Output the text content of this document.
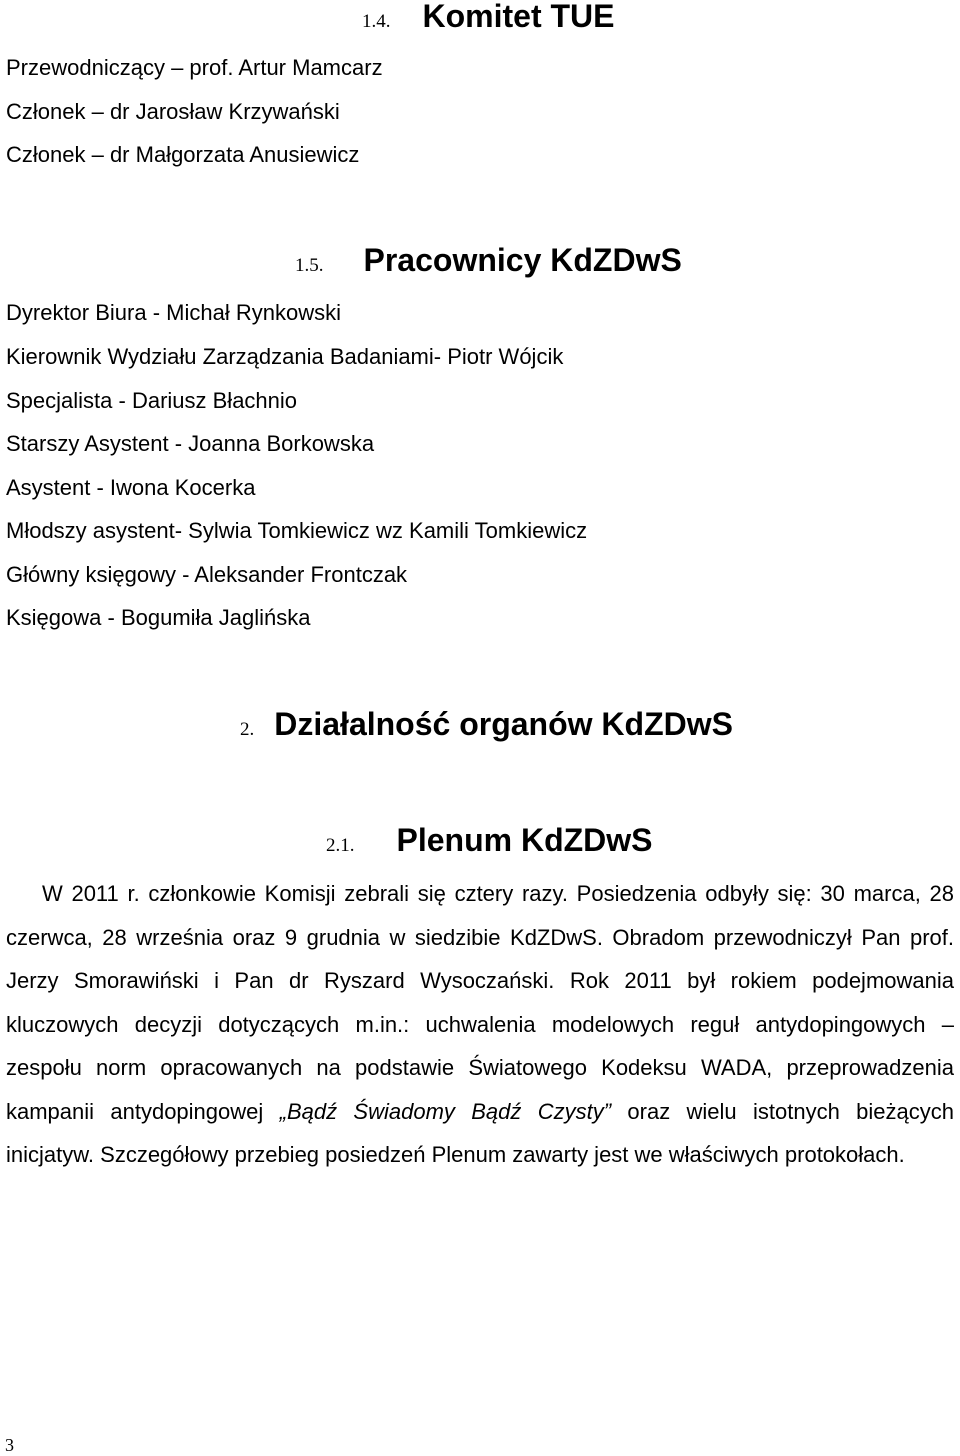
1.4. Komitet TUE
Przewodniczący – prof. Artur Mamcarz
Członek – dr Jarosław Krzywański
Członek – dr Małgorzata Anusiewicz
1.5. Pracownicy KdZDwS
Dyrektor Biura - Michał Rynkowski
Kierownik Wydziału Zarządzania Badaniami- Piotr Wójcik
Specjalista - Dariusz Błachnio
Starszy Asystent - Joanna Borkowska
Asystent - Iwona Kocerka
Młodszy asystent- Sylwia Tomkiewicz wz Kamili Tomkiewicz
Główny księgowy - Aleksander Frontczak
Księgowa - Bogumiła Jaglińska
2. Działalność organów KdZDwS
2.1. Plenum KdZDwS
W 2011 r. członkowie Komisji zebrali się cztery razy. Posiedzenia odbyły się: 30 marca, 28 czerwca, 28 września oraz 9 grudnia w siedzibie KdZDwS. Obradom przewodniczył Pan prof. Jerzy Smorawiński i Pan dr Ryszard Wysoczański. Rok 2011 był rokiem podejmowania kluczowych decyzji dotyczących m.in.: uchwalenia modelowych reguł antydopingowych – zespołu norm opracowanych na podstawie Światowego Kodeksu WADA, przeprowadzenia kampanii antydopingowej „Bądź Świadomy Bądź Czysty” oraz wielu istotnych bieżących inicjatyw. Szczegółowy przebieg posiedzeń Plenum zawarty jest we właściwych protokołach.
3
